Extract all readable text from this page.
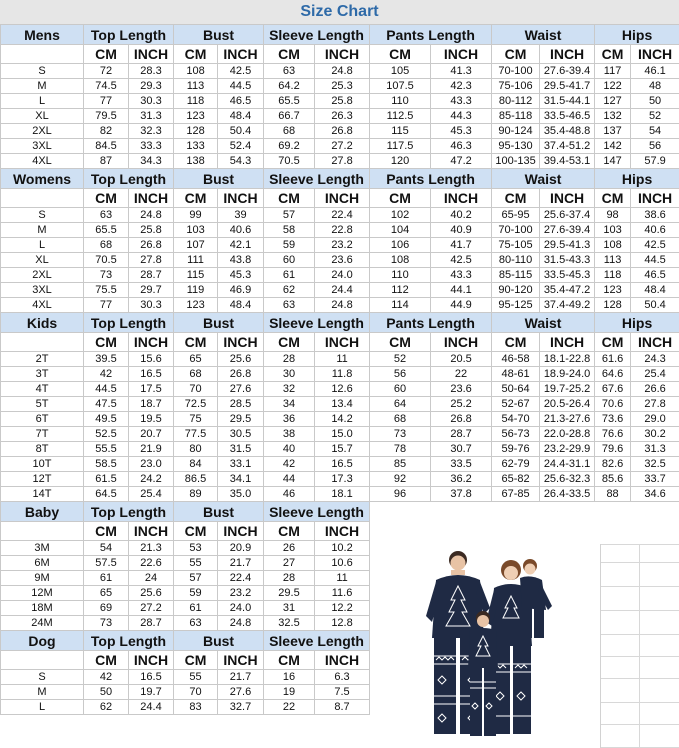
Size Chart
Mens	Top Length		Bust		Sleeve Length		Pants Length		Waist		Hips	
	CM	INCH	CM	INCH	CM	INCH	CM	INCH	CM	INCH	CM	INCH
S	72	28.3	108	42.5	63	24.8	105	41.3	70-100	27.6-39.4	117	46.1
M	74.5	29.3	113	44.5	64.2	25.3	107.5	42.3	75-106	29.5-41.7	122	48
L	77	30.3	118	46.5	65.5	25.8	110	43.3	80-112	31.5-44.1	127	50
XL	79.5	31.3	123	48.4	66.7	26.3	112.5	44.3	85-118	33.5-46.5	132	52
2XL	82	32.3	128	50.4	68	26.8	115	45.3	90-124	35.4-48.8	137	54
3XL	84.5	33.3	133	52.4	69.2	27.2	117.5	46.3	95-130	37.4-51.2	142	56
4XL	87	34.3	138	54.3	70.5	27.8	120	47.2	100-135	39.4-53.1	147	57.9
Womens	Top Length		Bust		Sleeve Length		Pants Length		Waist		Hips	
	CM	INCH	CM	INCH	CM	INCH	CM	INCH	CM	INCH	CM	INCH
S	63	24.8	99	39	57	22.4	102	40.2	65-95	25.6-37.4	98	38.6
M	65.5	25.8	103	40.6	58	22.8	104	40.9	70-100	27.6-39.4	103	40.6
L	68	26.8	107	42.1	59	23.2	106	41.7	75-105	29.5-41.3	108	42.5
XL	70.5	27.8	111	43.8	60	23.6	108	42.5	80-110	31.5-43.3	113	44.5
2XL	73	28.7	115	45.3	61	24.0	110	43.3	85-115	33.5-45.3	118	46.5
3XL	75.5	29.7	119	46.9	62	24.4	112	44.1	90-120	35.4-47.2	123	48.4
4XL	77	30.3	123	48.4	63	24.8	114	44.9	95-125	37.4-49.2	128	50.4
Kids	Top Length		Bust		Sleeve Length		Pants Length		Waist		Hips	
	CM	INCH	CM	INCH	CM	INCH	CM	INCH	CM	INCH	CM	INCH
2T	39.5	15.6	65	25.6	28	11	52	20.5	46-58	18.1-22.8	61.6	24.3
3T	42	16.5	68	26.8	30	11.8	56	22	48-61	18.9-24.0	64.6	25.4
4T	44.5	17.5	70	27.6	32	12.6	60	23.6	50-64	19.7-25.2	67.6	26.6
5T	47.5	18.7	72.5	28.5	34	13.4	64	25.2	52-67	20.5-26.4	70.6	27.8
6T	49.5	19.5	75	29.5	36	14.2	68	26.8	54-70	21.3-27.6	73.6	29.0
7T	52.5	20.7	77.5	30.5	38	15.0	73	28.7	56-73	22.0-28.8	76.6	30.2
8T	55.5	21.9	80	31.5	40	15.7	78	30.7	59-76	23.2-29.9	79.6	31.3
10T	58.5	23.0	84	33.1	42	16.5	85	33.5	62-79	24.4-31.1	82.6	32.5
12T	61.5	24.2	86.5	34.1	44	17.3	92	36.2	65-82	25.6-32.3	85.6	33.7
14T	64.5	25.4	89	35.0	46	18.1	96	37.8	67-85	26.4-33.5	88	34.6
Baby	Top Length		Bust		Sleeve Length							
	CM	INCH	CM	INCH	CM	INCH						
3M	54	21.3	53	20.9	26	10.2						
6M	57.5	22.6	55	21.7	27	10.6						
9M	61	24	57	22.4	28	11						
12M	65	25.6	59	23.2	29.5	11.6						
18M	69	27.2	61	24.0	31	12.2						
24M	73	28.7	63	24.8	32.5	12.8						
Dog	Top Length		Bust		Sleeve Length							
	CM	INCH	CM	INCH	CM	INCH						
S	42	16.5	55	21.7	16	6.3						
M	50	19.7	70	27.6	19	7.5						
L	62	24.4	83	32.7	22	8.7						
